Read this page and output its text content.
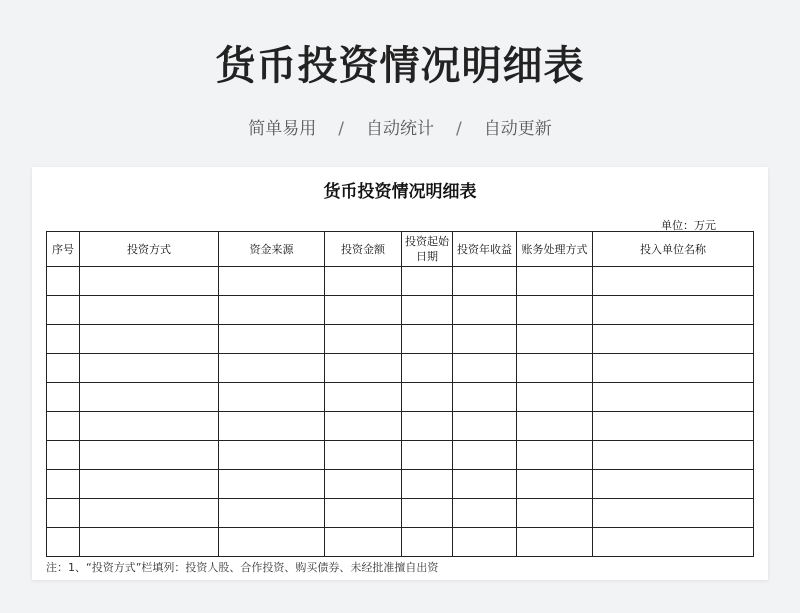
货币投资情况明细表
简单易用 / 自动统计 / 自动更新
货币投资情况明细表
单位：万元
序号	投资方式	资金来源	投资金额	投资起始日期	投资年收益	账务处理方式	投入单位名称

注：1、“投资方式”栏填列：投资人股、合作投资、购买债券、未经批准擅自出资
